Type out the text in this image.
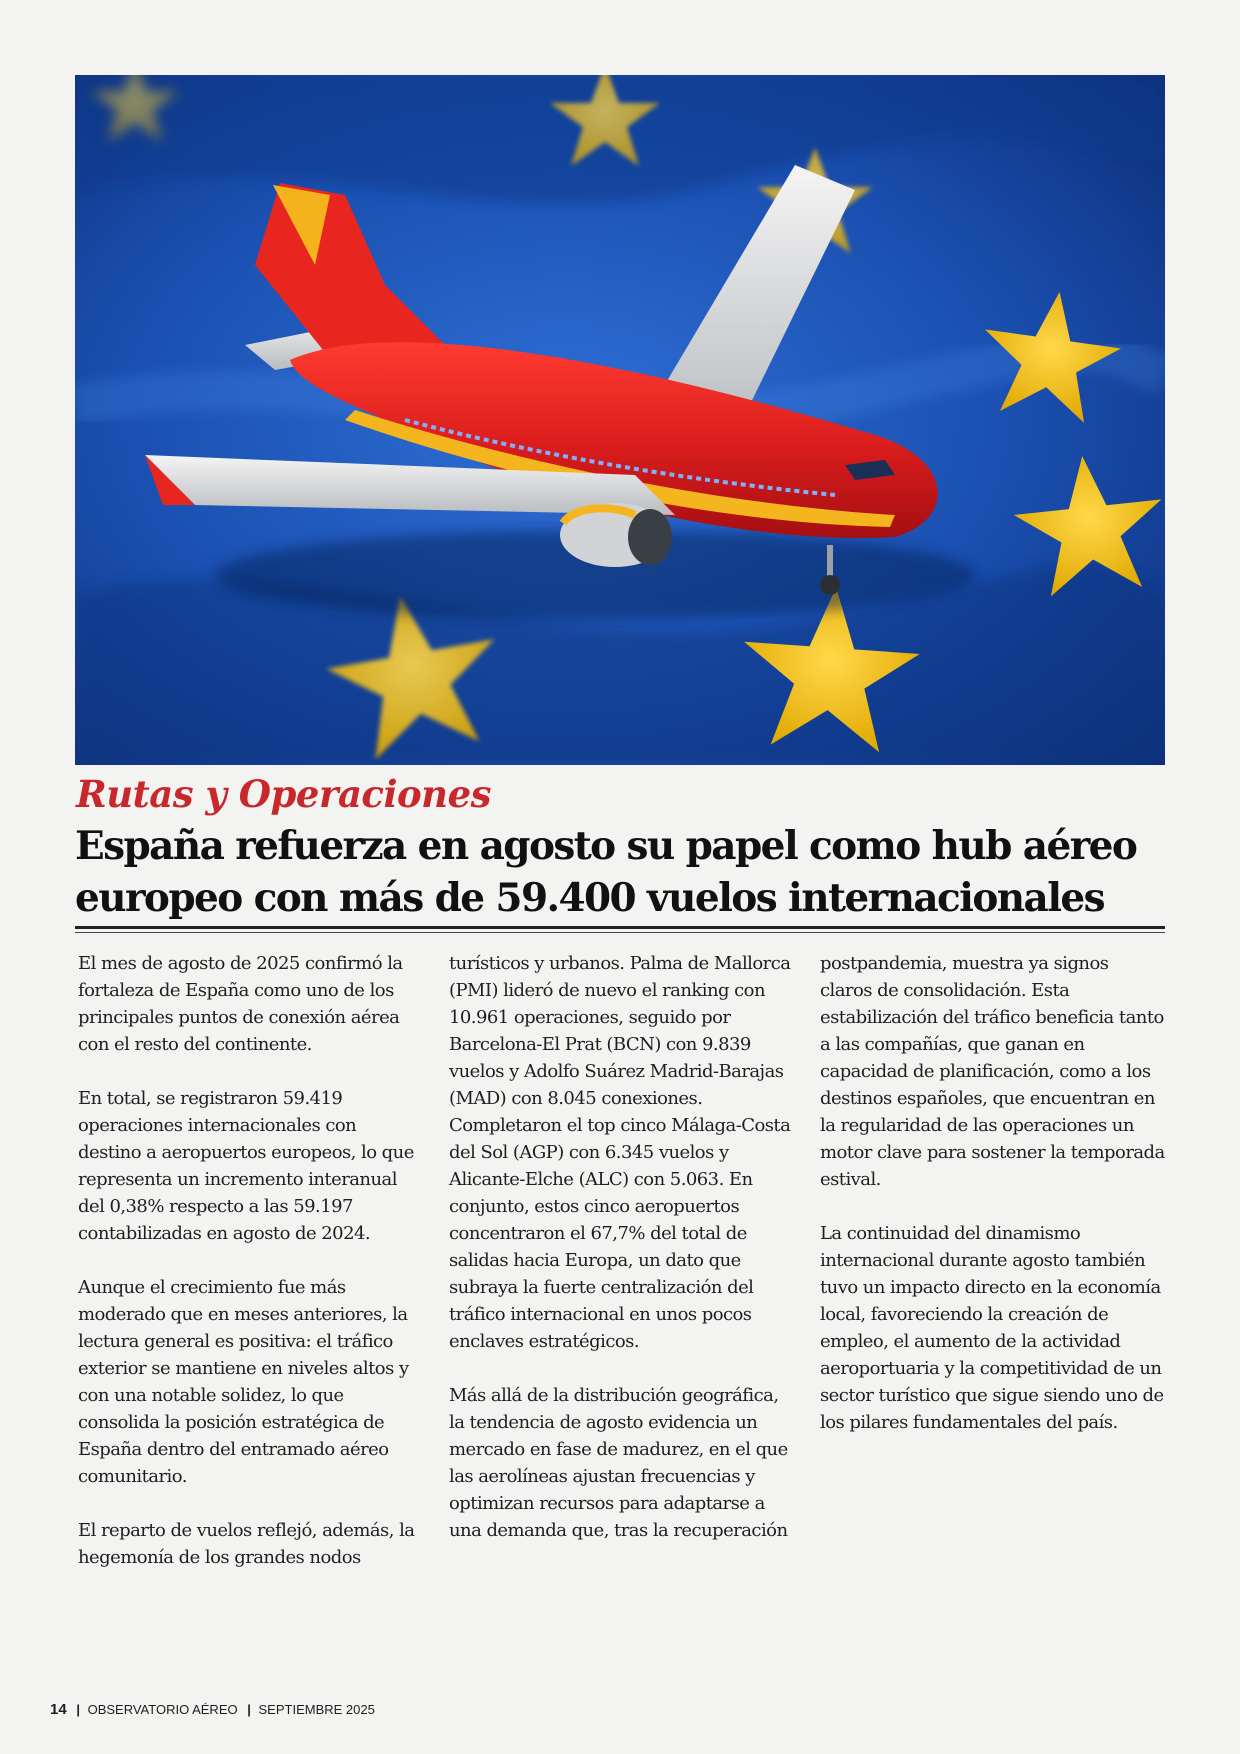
Rutas y Operaciones
España refuerza en agosto su papel como hub aéreo
europeo con más de 59.400 vuelos internacionales

El mes de agosto de 2025 confirmó la fortaleza de España como uno de los principales puntos de conexión aérea con el resto del continente.

En total, se registraron 59.419 operaciones internacionales con destino a aeropuertos europeos, lo que representa un incremento interanual del 0,38% respecto a las 59.197 contabilizadas en agosto de 2024.

Aunque el crecimiento fue más moderado que en meses anteriores, la lectura general es positiva: el tráfico exterior se mantiene en niveles altos y con una notable solidez, lo que consolida la posición estratégica de España dentro del entramado aéreo comunitario.

El reparto de vuelos reflejó, además, la hegemonía de los grandes nodos

turísticos y urbanos. Palma de Mallorca (PMI) lideró de nuevo el ranking con 10.961 operaciones, seguido por Barcelona-El Prat (BCN) con 9.839 vuelos y Adolfo Suárez Madrid-Barajas (MAD) con 8.045 conexiones. Completaron el top cinco Málaga-Costa del Sol (AGP) con 6.345 vuelos y Alicante-Elche (ALC) con 5.063. En conjunto, estos cinco aeropuertos concentraron el 67,7% del total de salidas hacia Europa, un dato que subraya la fuerte centralización del tráfico internacional en unos pocos enclaves estratégicos.

Más allá de la distribución geográfica, la tendencia de agosto evidencia un mercado en fase de madurez, en el que las aerolíneas ajustan frecuencias y optimizan recursos para adaptarse a una demanda que, tras la recuperación

postpandemia, muestra ya signos claros de consolidación. Esta estabilización del tráfico beneficia tanto a las compañías, que ganan en capacidad de planificación, como a los destinos españoles, que encuentran en la regularidad de las operaciones un motor clave para sostener la temporada estival.

La continuidad del dinamismo internacional durante agosto también tuvo un impacto directo en la economía local, favoreciendo la creación de empleo, el aumento de la actividad aeroportuaria y la competitividad de un sector turístico que sigue siendo uno de los pilares fundamentales del país.

14 | OBSERVATORIO AÉREO | SEPTIEMBRE 2025
